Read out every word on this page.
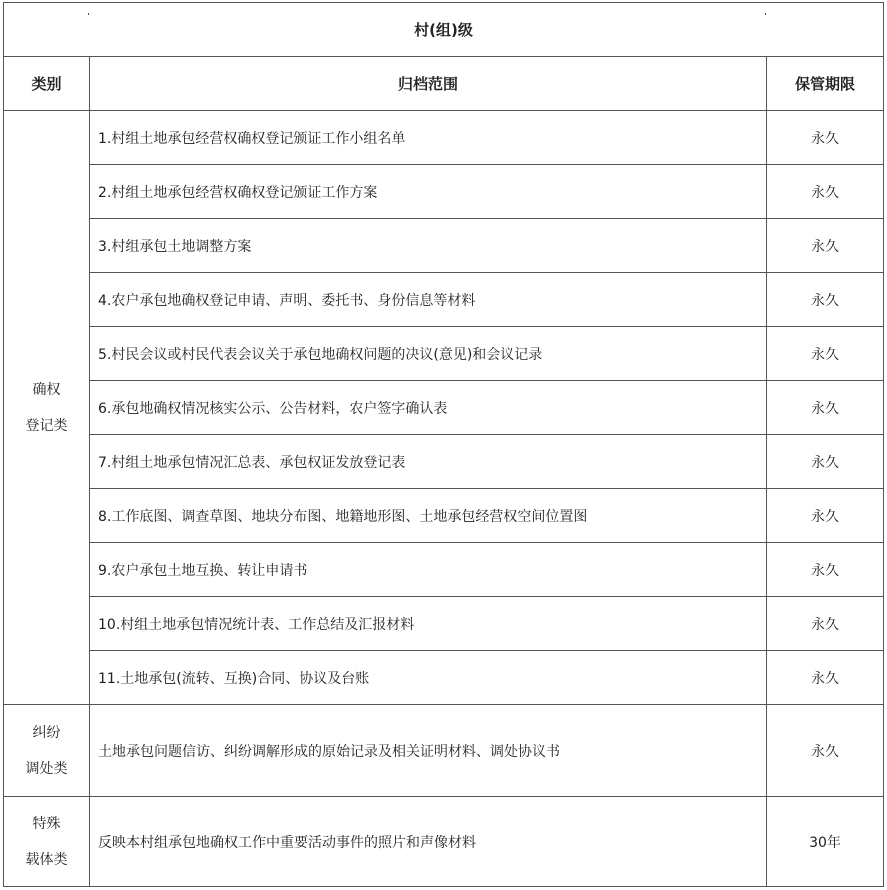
村(组)级		
类别	归档范围	保管期限

确权
登记类	1.村组土地承包经营权确权登记颁证工作小组名单	永久
	2.村组土地承包经营权确权登记颁证工作方案	永久
	3.村组承包土地调整方案	永久
	4.农户承包地确权登记申请、声明、委托书、身份信息等材料	永久
	5.村民会议或村民代表会议关于承包地确权问题的决议(意见)和会议记录	永久
	6.承包地确权情况核实公示、公告材料，农户签字确认表	永久
	7.村组土地承包情况汇总表、承包权证发放登记表	永久
	8.工作底图、调查草图、地块分布图、地籍地形图、土地承包经营权空间位置图	永久
	9.农户承包土地互换、转让申请书	永久
	10.村组土地承包情况统计表、工作总结及汇报材料	永久
	11.土地承包(流转、互换)合同、协议及台账	永久

纠纷
调处类	土地承包问题信访、纠纷调解形成的原始记录及相关证明材料、调处协议书	永久

特殊
载体类	反映本村组承包地确权工作中重要活动事件的照片和声像材料	30年
